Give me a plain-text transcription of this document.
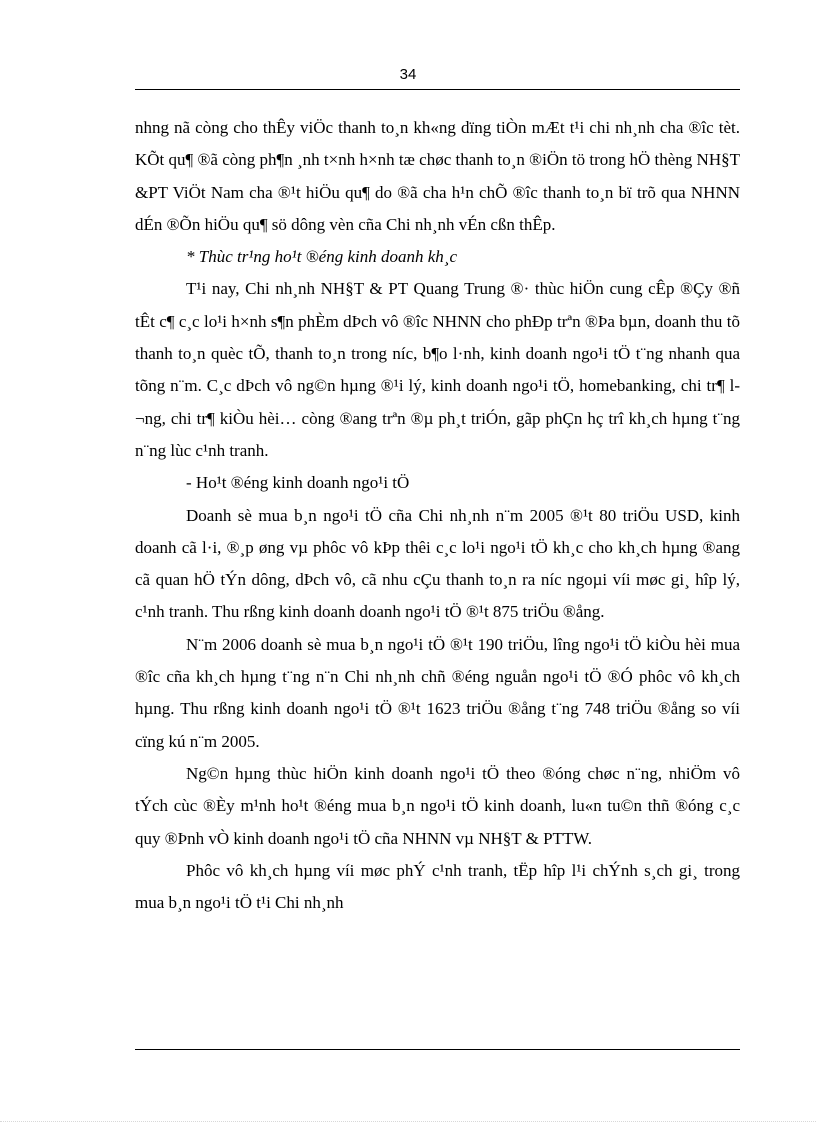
34

nhng nã còng cho thÊy viÖc thanh to¸n kh«ng dïng tiÒn mÆt t¹i chi nh¸nh cha ®îc tèt. KÕt qu¶ ®ã còng ph¶n ¸nh t×nh h×nh tæ chøc thanh to¸n ®iÖn tö trong hÖ thèng NH§T &PT ViÖt Nam cha ®¹t hiÖu qu¶ do ®ã cha h¹n chÕ ®îc thanh to¸n bï trõ qua NHNN dÉn ®Õn hiÖu qu¶ sö dông vèn cña Chi nh¸nh vÉn cßn thÊp.

* Thùc tr¹ng ho¹t ®éng kinh doanh kh¸c

T¹i nay, Chi nh¸nh NH§T & PT Quang Trung ®· thùc hiÖn cung cÊp ®Çy ®ñ tÊt c¶ c¸c lo¹i h×nh s¶n phÈm dÞch vô ®îc NHNN cho phÐp trªn ®Þa bµn, doanh thu tõ thanh to¸n quèc tÕ, thanh to¸n trong níc, b¶o l·nh, kinh doanh ngo¹i tÖ t¨ng nhanh qua tõng n¨m. C¸c dÞch vô ng©n hµng ®¹i lý, kinh doanh ngo¹i tÖ, homebanking, chi tr¶ l¬ng, chi tr¶ kiÒu hèi… còng ®ang trªn ®µ ph¸t triÓn, gãp phÇn hç trî kh¸ch hµng t¨ng n¨ng lùc c¹nh tranh.

- Ho¹t ®éng kinh doanh ngo¹i tÖ

Doanh sè mua b¸n ngo¹i tÖ cña Chi nh¸nh n¨m 2005 ®¹t 80 triÖu USD, kinh doanh cã l·i, ®¸p øng vµ phôc vô kÞp thêi c¸c lo¹i ngo¹i tÖ kh¸c cho kh¸ch hµng ®ang cã quan hÖ tÝn dông, dÞch vô, cã nhu cÇu thanh to¸n ra níc ngoµi víi møc gi¸ hîp lý, c¹nh tranh. Thu rßng kinh doanh doanh ngo¹i tÖ ®¹t 875 triÖu ®ång.

N¨m 2006 doanh sè mua b¸n ngo¹i tÖ ®¹t 190 triÖu, lîng ngo¹i tÖ kiÒu hèi mua ®îc cña kh¸ch hµng t¨ng n¨n Chi nh¸nh chñ ®éng nguån ngo¹i tÖ ®Ó phôc vô kh¸ch hµng. Thu rßng kinh doanh ngo¹i tÖ ®¹t 1623 triÖu ®ång t¨ng 748 triÖu ®ång so víi cïng kú n¨m 2005.

Ng©n hµng thùc hiÖn kinh doanh ngo¹i tÖ theo ®óng chøc n¨ng, nhiÖm vô tÝch cùc ®Èy m¹nh ho¹t ®éng mua b¸n ngo¹i tÖ kinh doanh, lu«n tu©n thñ ®óng c¸c quy ®Þnh vÒ kinh doanh ngo¹i tÖ cña NHNN vµ NH§T & PTTW.

Phôc vô kh¸ch hµng víi møc phÝ c¹nh tranh, tËp hîp l¹i chÝnh s¸ch gi¸ trong mua b¸n ngo¹i tÖ t¹i Chi nh¸nh
